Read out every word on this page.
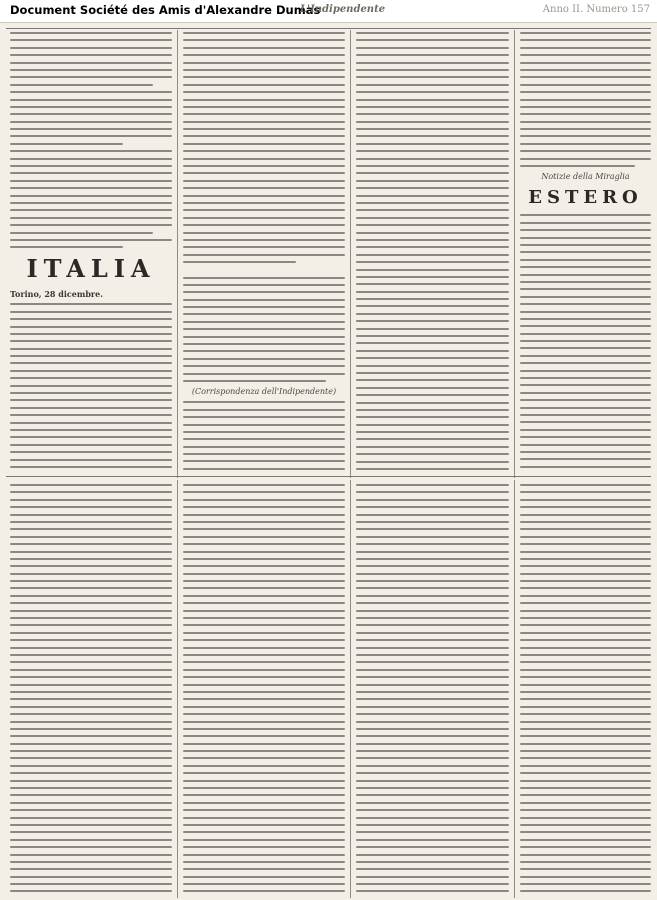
Document Société des Amis d'Alexandre Dumas
L'Indipendente	Anno II. Numero 157
ITALIA
Torino, 28 dicembre.
(Corrispondenza dell'Indipendente)
Notizie della Miraglia
ESTERO
